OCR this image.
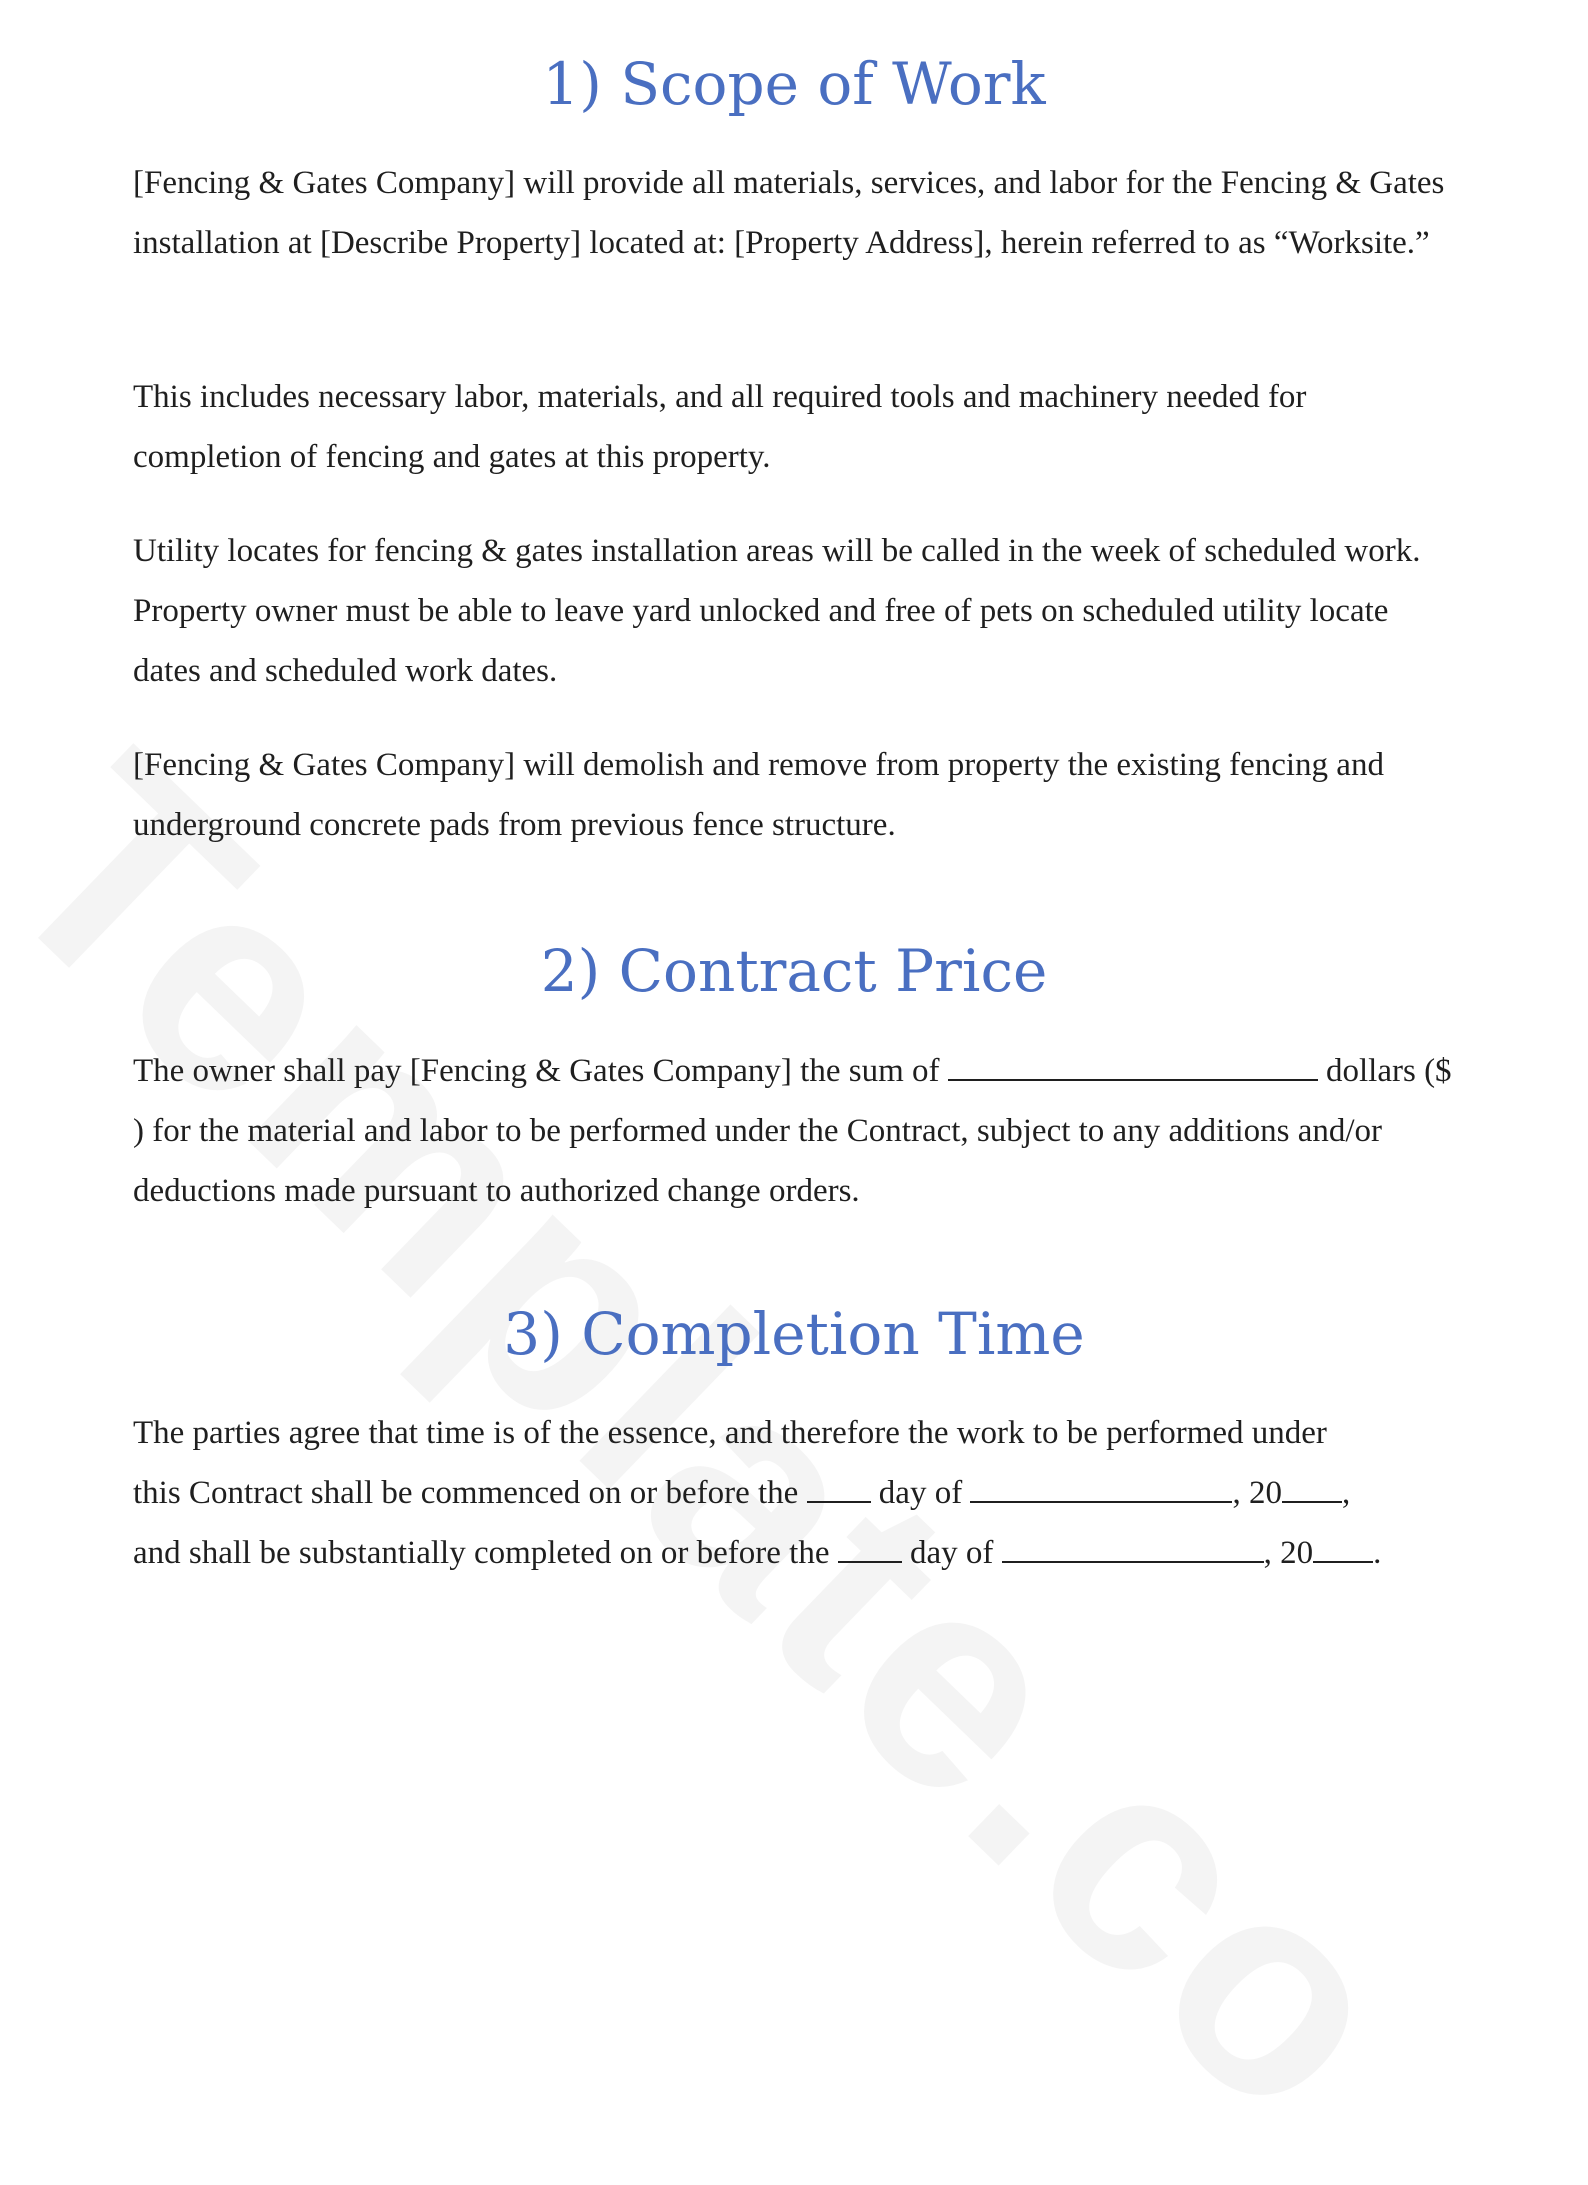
1) Scope of Work

[Fencing & Gates Company] will provide all materials, services, and labor for the Fencing & Gates installation at [Describe Property] located at: [Property Address], herein referred to as “Worksite.”

This includes necessary labor, materials, and all required tools and machinery needed for completion of fencing and gates at this property.

Utility locates for fencing & gates installation areas will be called in the week of scheduled work. Property owner must be able to leave yard unlocked and free of pets on scheduled utility locate dates and scheduled work dates.

[Fencing & Gates Company] will demolish and remove from property the existing fencing and underground concrete pads from previous fence structure.

2) Contract Price

The owner shall pay [Fencing & Gates Company] the sum of	dollars ($ ) for the material and labor to be performed under the Contract, subject to any additions and/or deductions made pursuant to authorized change orders.

3) Completion Time

The parties agree that time is of the essence, and therefore the work to be performed under
this Contract shall be commenced on or before the day of	, 20 ,
and shall be substantially completed on or before the day of	, 20 .
